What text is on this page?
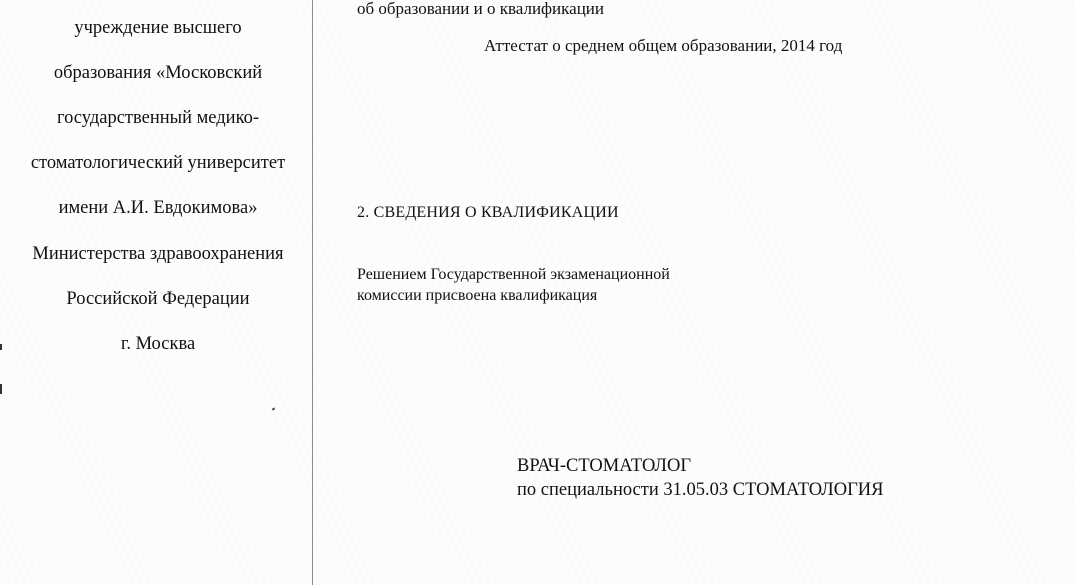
учреждение высшего

образования «Московский

государственный медико-

стоматологический университет

имени А.И. Евдокимова»

Министерства здравоохранения

Российской Федерации

г. Москва

об образовании и о квалификации
Аттестат о среднем общем образовании, 2014 год
2. СВЕДЕНИЯ О КВАЛИФИКАЦИИ
Решением Государственной экзаменационной
комиссии присвоена квалификация
ВРАЧ-СТОМАТОЛОГ
по специальности 31.05.03 СТОМАТОЛОГИЯ
